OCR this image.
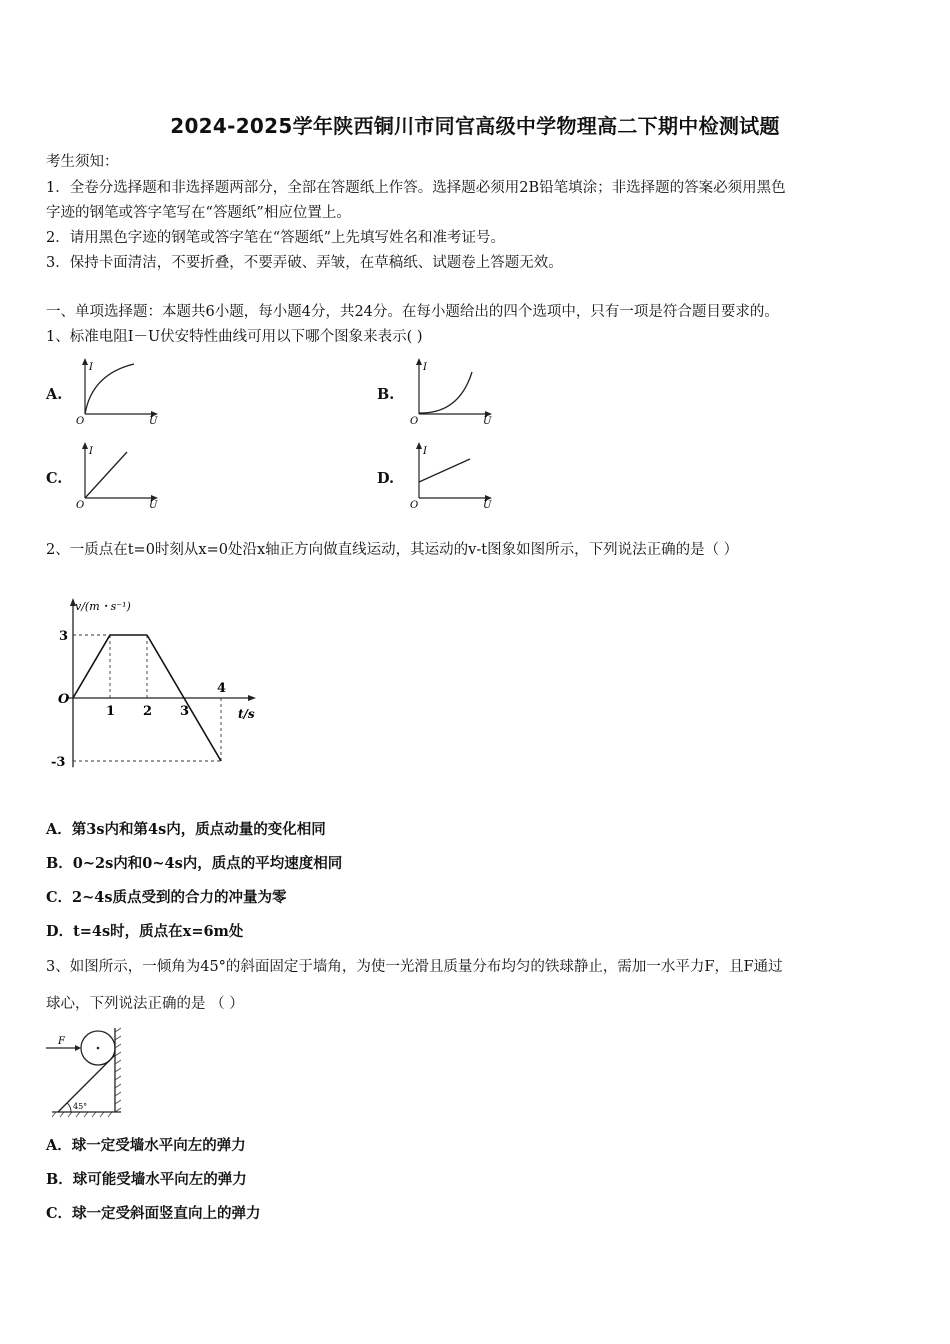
2024-2025学年陕西铜川市同官高级中学物理高二下期中检测试题
考生须知：
1．全卷分选择题和非选择题两部分，全部在答题纸上作答。选择题必须用2B铅笔填涂；非选择题的答案必须用黑色
字迹的钢笔或答字笔写在“答题纸”相应位置上。
2．请用黑色字迹的钢笔或答字笔在“答题纸”上先填写姓名和准考证号。
3．保持卡面清洁，不要折叠，不要弄破、弄皱，在草稿纸、试题卷上答题无效。
一、单项选择题：本题共6小题，每小题4分，共24分。在每小题给出的四个选项中，只有一项是符合题目要求的。
1、标准电阻I－U伏安特性曲线可用以下哪个图象来表示( )
A.
I
O	U
B.
I
O	U
C.
I
O	U
D.
I
O	U
2、一质点在t=0时刻从x=0处沿x轴正方向做直线运动，其运动的v-t图象如图所示，下列说法正确的是（ ）
v/(m・s⁻¹)
t/s
O
1 2 3
4
3
-3
A．第3s内和第4s内，质点动量的变化相同
B．0~2s内和0~4s内，质点的平均速度相同
C．2~4s质点受到的合力的冲量为零
D．t=4s时，质点在x=6m处
3、如图所示，一倾角为45°的斜面固定于墙角，为使一光滑且质量分布均匀的铁球静止，需加一水平力F，且F通过
球心，下列说法正确的是 （ ）
45°
F
A．球一定受墙水平向左的弹力
B．球可能受墙水平向左的弹力
C．球一定受斜面竖直向上的弹力
